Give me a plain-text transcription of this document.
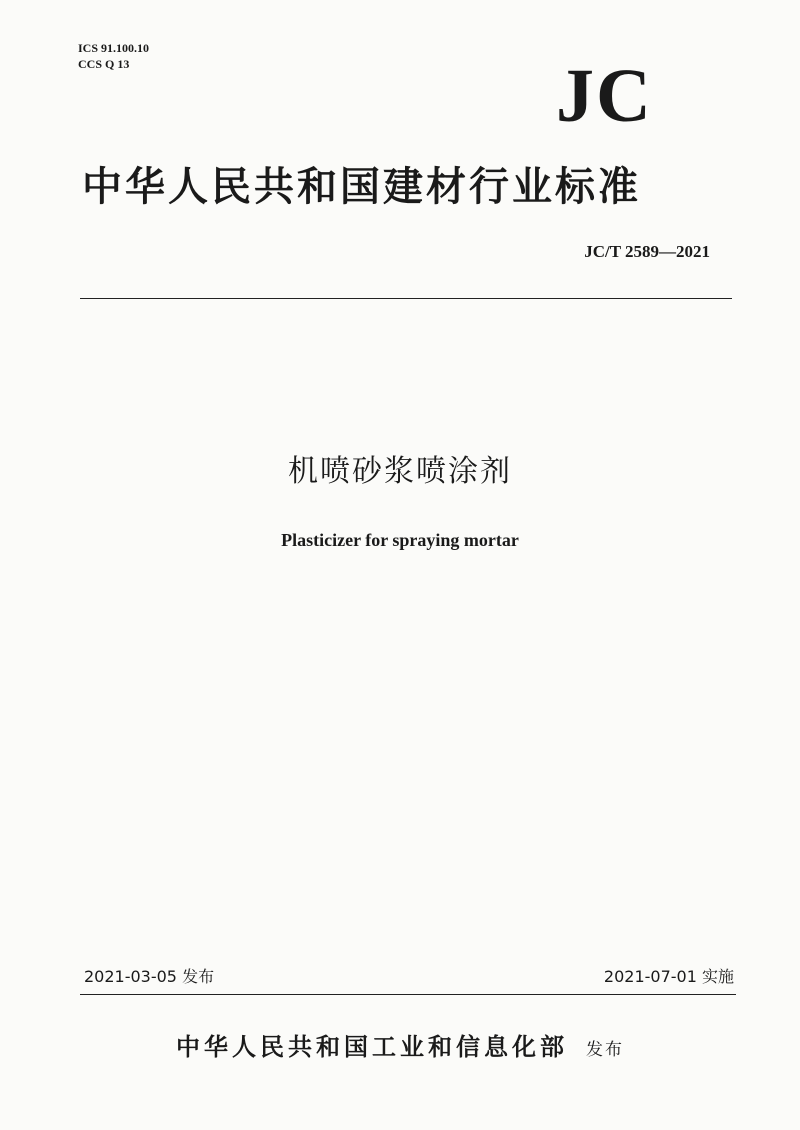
ICS 91.100.10
CCS Q 13	JC
中华人民共和国建材行业标准
JC/T 2589—2021
机喷砂浆喷涂剂
Plasticizer for spraying mortar
2021-03-05 发布	2021-07-01 实施
中华人民共和国工业和信息化部 发布
